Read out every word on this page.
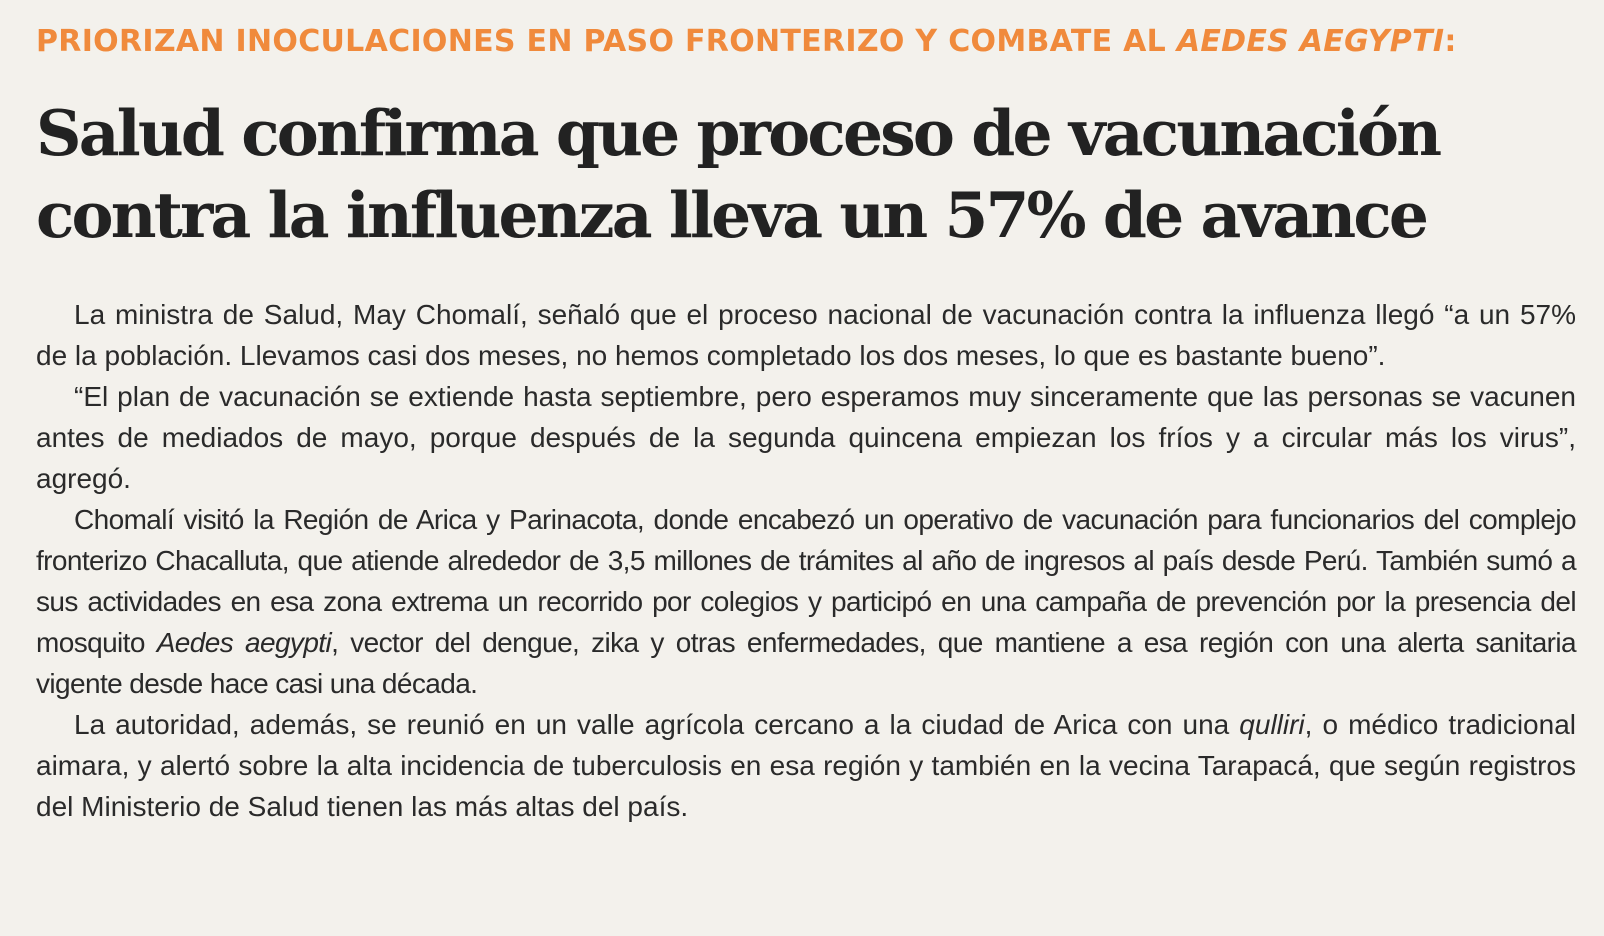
PRIORIZAN INOCULACIONES EN PASO FRONTERIZO Y COMBATE AL AEDES AEGYPTI:
Salud confirma que proceso de vacunación
contra la influenza lleva un 57% de avance

La ministra de Salud, May Chomalí, señaló que el proceso nacional de vacunación contra la influenza llegó “a un 57% de la población. Llevamos casi dos meses, no hemos completado los dos meses, lo que es bastante bueno”.

“El plan de vacunación se extiende hasta septiembre, pero esperamos muy sinceramente que las personas se vacunen antes de mediados de mayo, porque después de la segunda quincena empiezan los fríos y a circular más los virus”, agregó.

Chomalí visitó la Región de Arica y Parinacota, donde encabezó un operativo de vacunación para funcionarios del complejo fronterizo Chacalluta, que atiende alrededor de 3,5 millones de trámites al año de ingresos al país desde Perú. También sumó a sus actividades en esa zona extrema un recorrido por colegios y participó en una campaña de prevención por la presencia del mosquito Aedes aegypti, vector del dengue, zika y otras enfermedades, que mantiene a esa región con una alerta sanitaria vigente desde hace casi una década.

La autoridad, además, se reunió en un valle agrícola cercano a la ciudad de Arica con una qulliri, o médico tradicional aimara, y alertó sobre la alta incidencia de tuberculosis en esa región y también en la vecina Tarapacá, que según registros del Ministerio de Salud tienen las más altas del país.
